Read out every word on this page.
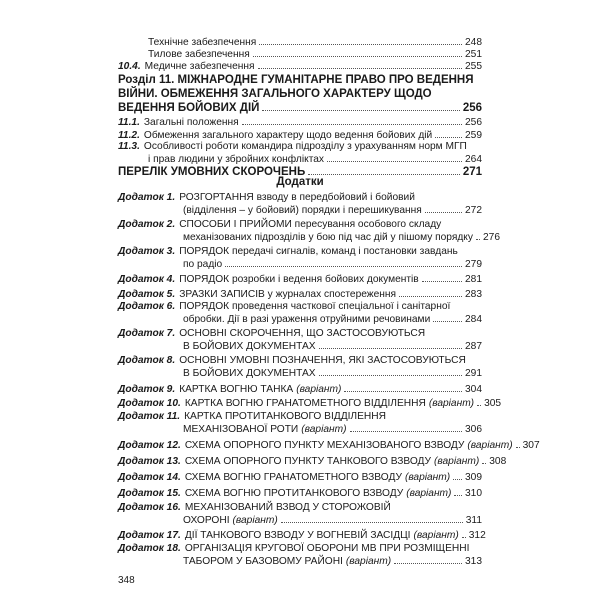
Технічне забезпечення	248
Тилове забезпечення	251
10.4. Медичне забезпечення	255
Розділ 11. МІЖНАРОДНЕ ГУМАНІТАРНЕ ПРАВО ПРО ВЕДЕННЯ
ВІЙНИ. ОБМЕЖЕННЯ ЗАГАЛЬНОГО ХАРАКТЕРУ ЩОДО
ВЕДЕННЯ БОЙОВИХ ДІЙ	256
11.1. Загальні положення	256
11.2. Обмеження загального характеру щодо ведення бойових дій	259
11.3. Особливості роботи командира підрозділу з урахуванням норм МГП
і прав людини у збройних конфліктах	264
ПЕРЕЛІК УМОВНИХ СКОРОЧЕНЬ	271
Додатки
Додаток 1. РОЗГОРТАННЯ взводу в передбойовий і бойовий
(відділення – у бойовий) порядки і перешикування	272
Додаток 2. СПОСОБИ І ПРИЙОМИ пересування особового складу
механізованих підрозділів у бою під час дій у пішому порядку 276
Додаток 3. ПОРЯДОК передачі сигналів, команд і постановки завдань
по радіо	279
Додаток 4. ПОРЯДОК розробки і ведення бойових документів	281
Додаток 5. ЗРАЗКИ ЗАПИСІВ у журналах спостереження	283
Додаток 6. ПОРЯДОК проведення часткової спеціальної і санітарної
обробки. Дії в разі ураження отруйними речовинами	284
Додаток 7. ОСНОВНІ СКОРОЧЕННЯ, ЩО ЗАСТОСОВУЮТЬСЯ
В БОЙОВИХ ДОКУМЕНТАХ	287
Додаток 8. ОСНОВНІ УМОВНІ ПОЗНАЧЕННЯ, ЯКІ ЗАСТОСОВУЮТЬСЯ
В БОЙОВИХ ДОКУМЕНТАХ	291
Додаток 9. КАРТКА ВОГНЮ ТАНКА (варіант)	304
Додаток 10. КАРТКА ВОГНЮ ГРАНАТОМЕТНОГО ВІДДІЛЕННЯ (варіант) 305
Додаток 11. КАРТКА ПРОТИТАНКОВОГО ВІДДІЛЕННЯ
МЕХАНІЗОВАНОЇ РОТИ (варіант)	306
Додаток 12. СХЕМА ОПОРНОГО ПУНКТУ МЕХАНІЗОВАНОГО ВЗВОДУ (варіант) 307
Додаток 13. СХЕМА ОПОРНОГО ПУНКТУ ТАНКОВОГО ВЗВОДУ (варіант) 308
Додаток 14. СХЕМА ВОГНЮ ГРАНАТОМЕТНОГО ВЗВОДУ (варіант) 309
Додаток 15. СХЕМА ВОГНЮ ПРОТИТАНКОВОГО ВЗВОДУ (варіант) 310
Додаток 16. МЕХАНІЗОВАНИЙ ВЗВОД У СТОРОЖОВІЙ
ОХОРОНІ (варіант)	311
Додаток 17. ДІЇ ТАНКОВОГО ВЗВОДУ У ВОГНЕВІЙ ЗАСІДЦІ (варіант) 312
Додаток 18. ОРГАНІЗАЦІЯ КРУГОВОЇ ОБОРОНИ МВ ПРИ РОЗМІЩЕННІ
ТАБОРОМ У БАЗОВОМУ РАЙОНІ (варіант)	313
348
